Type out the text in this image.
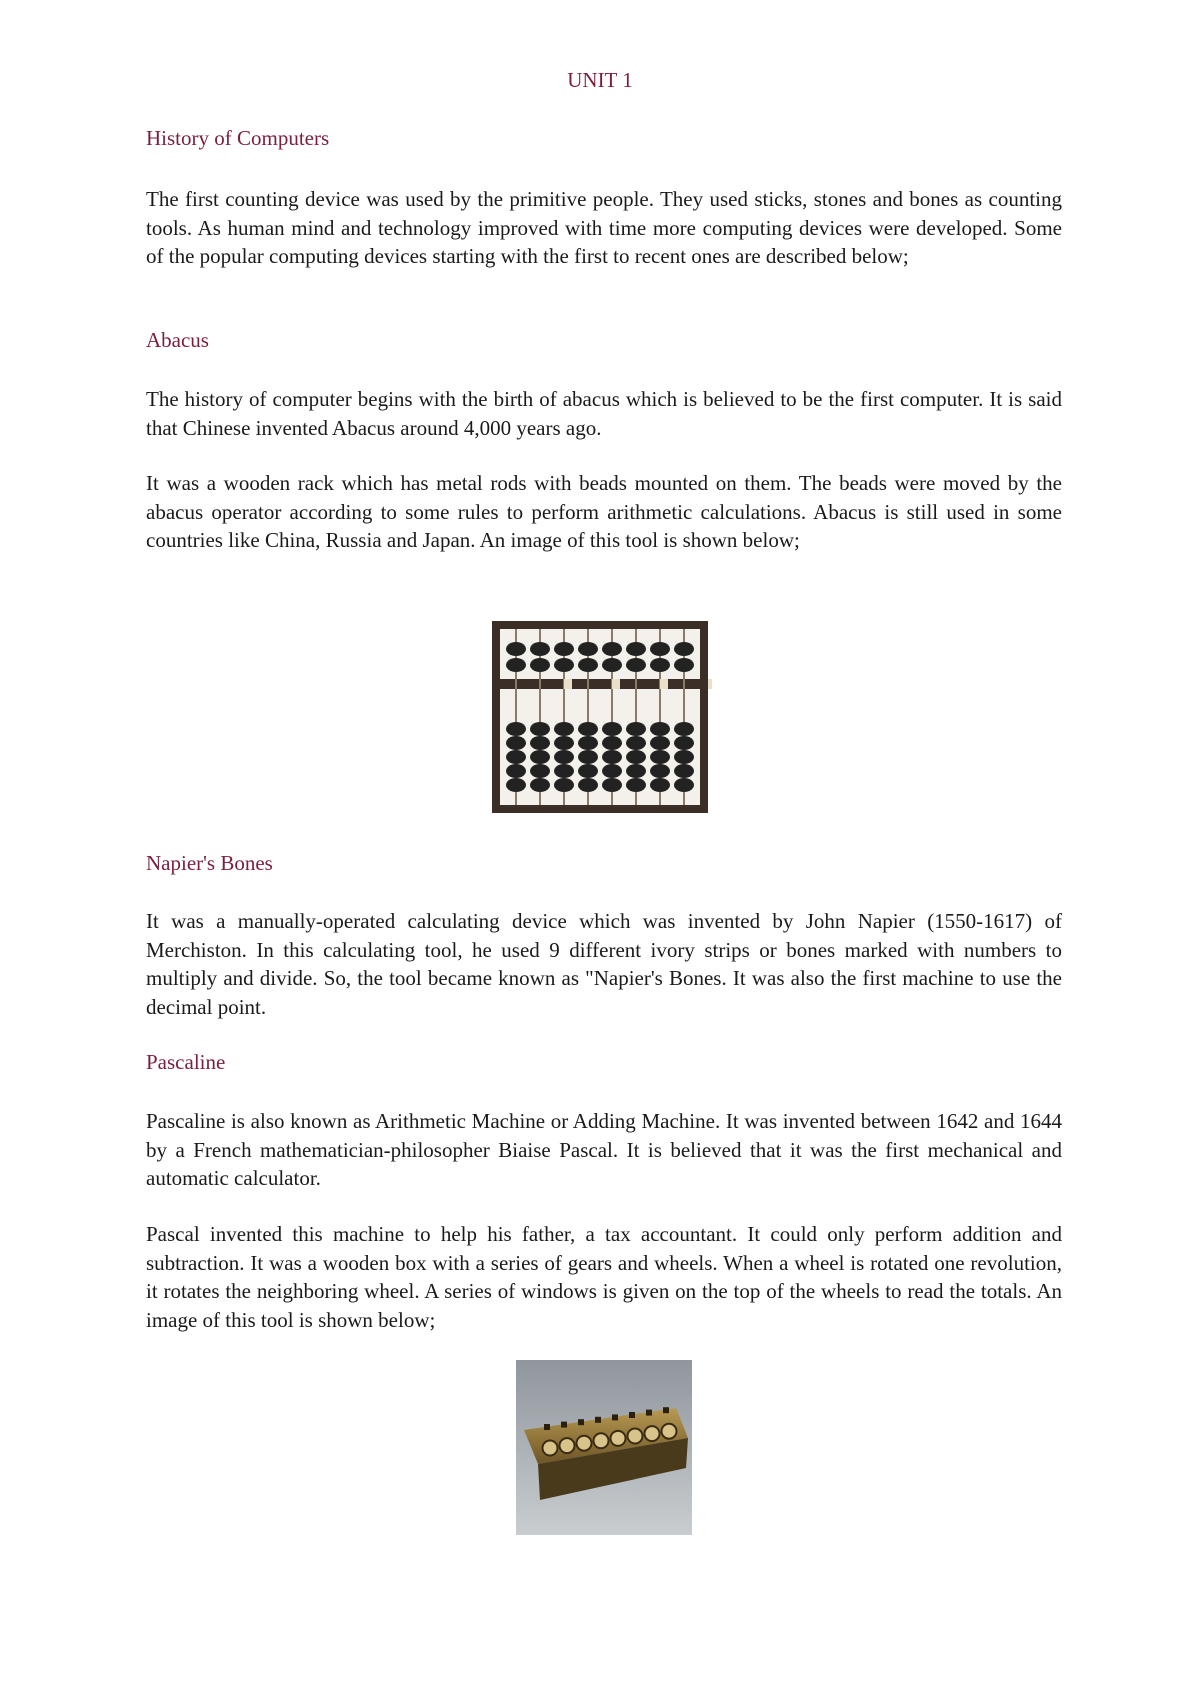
UNIT 1

History of Computers

The first counting device was used by the primitive people. They used sticks, stones and bones as counting tools. As human mind and technology improved with time more computing devices were developed. Some of the popular computing devices starting with the first to recent ones are described below;

Abacus

The history of computer begins with the birth of abacus which is believed to be the first computer. It is said that Chinese invented Abacus around 4,000 years ago.

It was a wooden rack which has metal rods with beads mounted on them. The beads were moved by the abacus operator according to some rules to perform arithmetic calculations. Abacus is still used in some countries like China, Russia and Japan. An image of this tool is shown below;

Napier's Bones

It was a manually-operated calculating device which was invented by John Napier (1550-1617) of Merchiston. In this calculating tool, he used 9 different ivory strips or bones marked with numbers to multiply and divide. So, the tool became known as "Napier's Bones. It was also the first machine to use the decimal point.

Pascaline

Pascaline is also known as Arithmetic Machine or Adding Machine. It was invented between 1642 and 1644 by a French mathematician-philosopher Biaise Pascal. It is believed that it was the first mechanical and automatic calculator.

Pascal invented this machine to help his father, a tax accountant. It could only perform addition and subtraction. It was a wooden box with a series of gears and wheels. When a wheel is rotated one revolution, it rotates the neighboring wheel. A series of windows is given on the top of the wheels to read the totals. An image of this tool is shown below;
